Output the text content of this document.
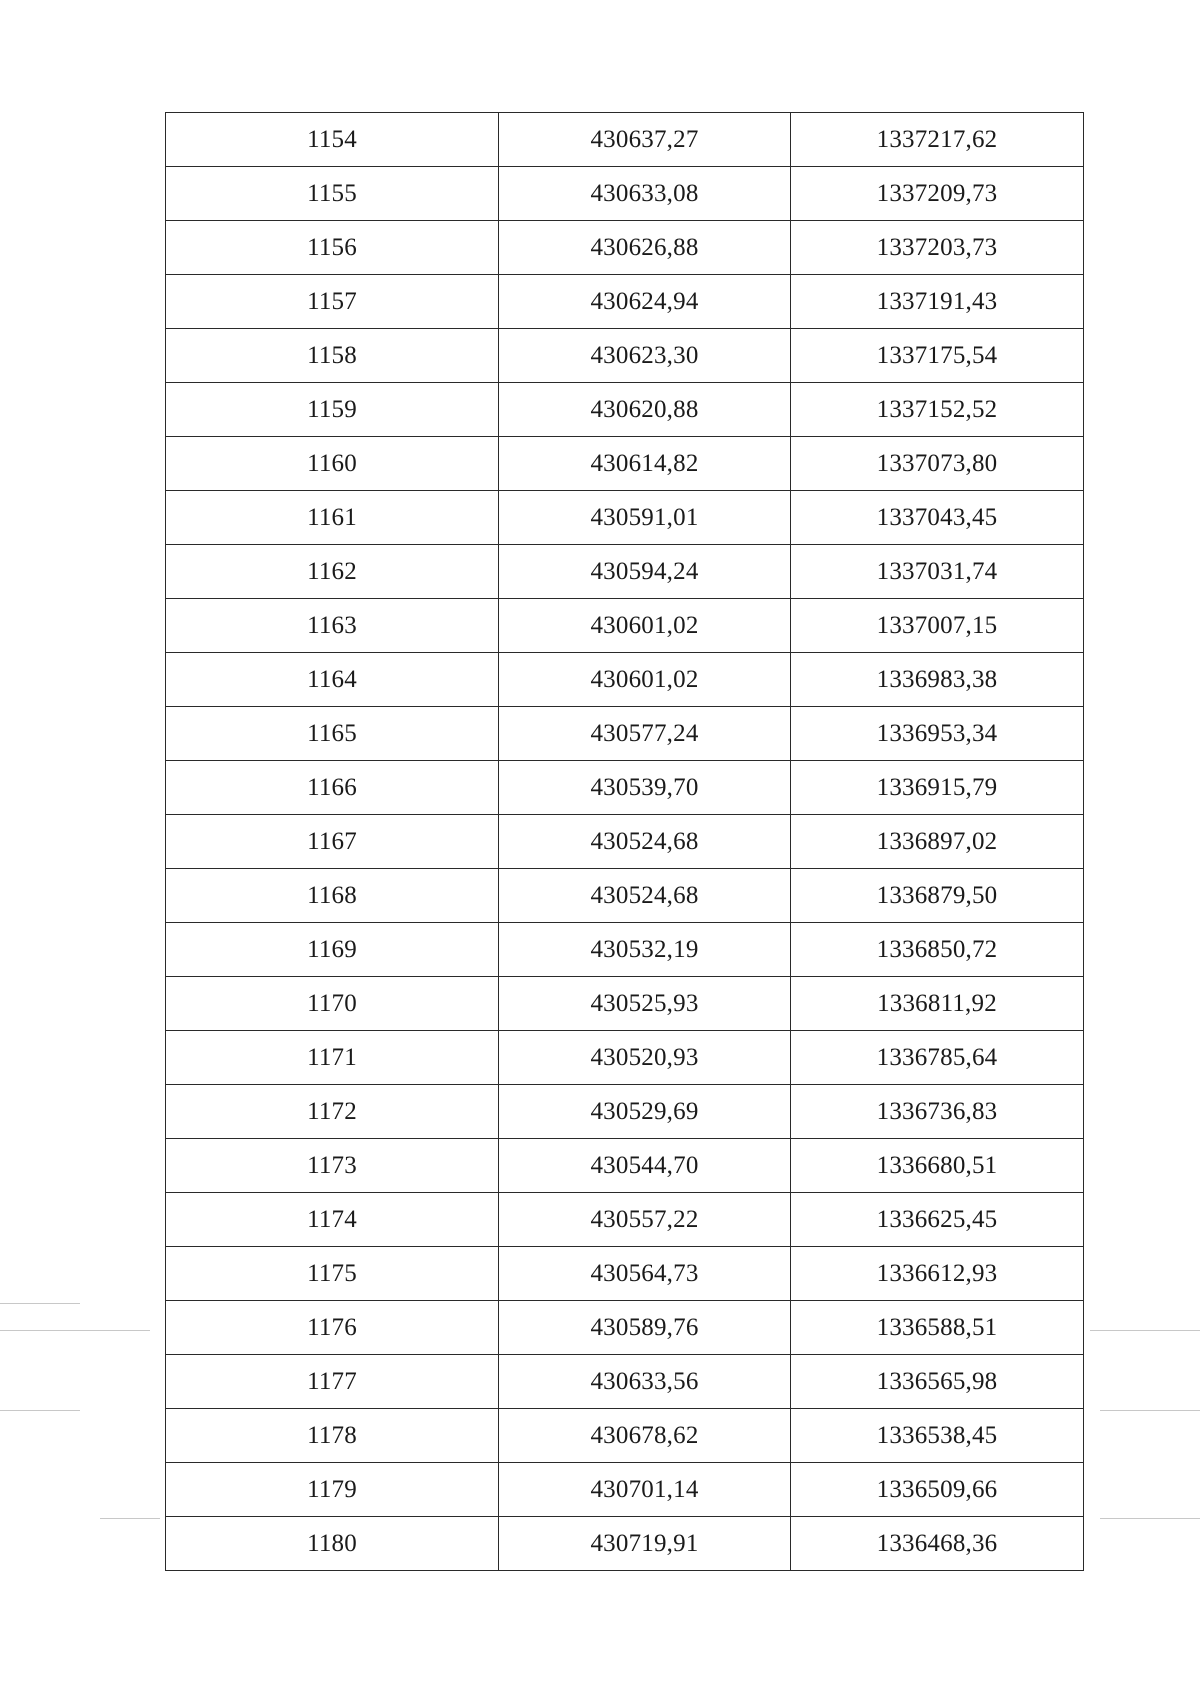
1154	430637,27	1337217,62
1155	430633,08	1337209,73
1156	430626,88	1337203,73
1157	430624,94	1337191,43
1158	430623,30	1337175,54
1159	430620,88	1337152,52
1160	430614,82	1337073,80
1161	430591,01	1337043,45
1162	430594,24	1337031,74
1163	430601,02	1337007,15
1164	430601,02	1336983,38
1165	430577,24	1336953,34
1166	430539,70	1336915,79
1167	430524,68	1336897,02
1168	430524,68	1336879,50
1169	430532,19	1336850,72
1170	430525,93	1336811,92
1171	430520,93	1336785,64
1172	430529,69	1336736,83
1173	430544,70	1336680,51
1174	430557,22	1336625,45
1175	430564,73	1336612,93
1176	430589,76	1336588,51
1177	430633,56	1336565,98
1178	430678,62	1336538,45
1179	430701,14	1336509,66
1180	430719,91	1336468,36
